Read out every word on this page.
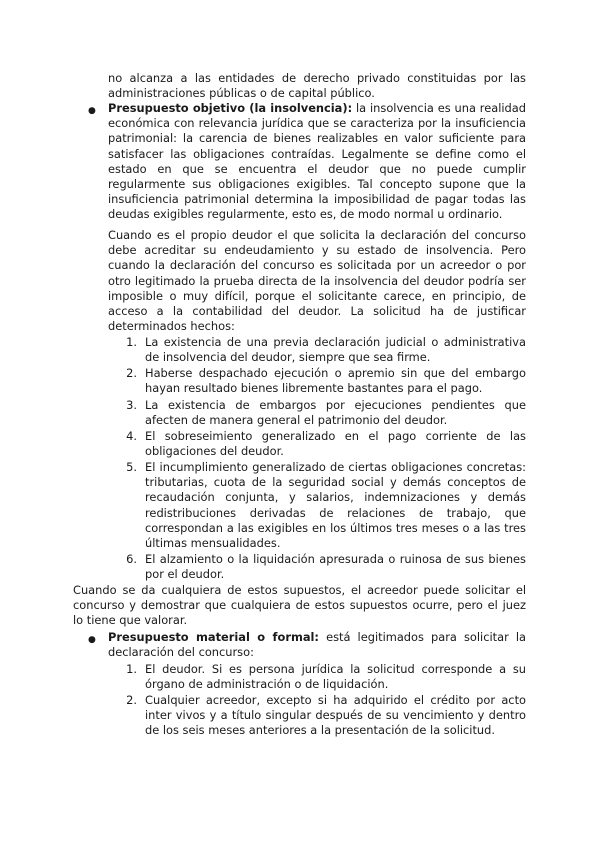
no alcanza a las entidades de derecho privado constituidas por las administraciones públicas o de capital público.

● Presupuesto objetivo (la insolvencia): la insolvencia es una realidad económica con relevancia jurídica que se caracteriza por la insuficiencia patrimonial: la carencia de bienes realizables en valor suficiente para satisfacer las obligaciones contraídas. Legalmente se define como el estado en que se encuentra el deudor que no puede cumplir regularmente sus obligaciones exigibles. Tal concepto supone que la insuficiencia patrimonial determina la imposibilidad de pagar todas las deudas exigibles regularmente, esto es, de modo normal u ordinario.

Cuando es el propio deudor el que solicita la declaración del concurso debe acreditar su endeudamiento y su estado de insolvencia. Pero cuando la declaración del concurso es solicitada por un acreedor o por otro legitimado la prueba directa de la insolvencia del deudor podría ser imposible o muy difícil, porque el solicitante carece, en principio, de acceso a la contabilidad del deudor. La solicitud ha de justificar determinados hechos:

1. La existencia de una previa declaración judicial o administrativa de insolvencia del deudor, siempre que sea firme.

2. Haberse despachado ejecución o apremio sin que del embargo hayan resultado bienes libremente bastantes para el pago.

3. La existencia de embargos por ejecuciones pendientes que afecten de manera general el patrimonio del deudor.

4. El sobreseimiento generalizado en el pago corriente de las obligaciones del deudor.

5. El incumplimiento generalizado de ciertas obligaciones concretas: tributarias, cuota de la seguridad social y demás conceptos de recaudación conjunta, y salarios, indemnizaciones y demás redistribuciones derivadas de relaciones de trabajo, que correspondan a las exigibles en los últimos tres meses o a las tres últimas mensualidades.

6. El alzamiento o la liquidación apresurada o ruinosa de sus bienes por el deudor.

Cuando se da cualquiera de estos supuestos, el acreedor puede solicitar el concurso y demostrar que cualquiera de estos supuestos ocurre, pero el juez lo tiene que valorar.

● Presupuesto material o formal: está legitimados para solicitar la declaración del concurso:

1. El deudor. Si es persona jurídica la solicitud corresponde a su órgano de administración o de liquidación.

2. Cualquier acreedor, excepto si ha adquirido el crédito por acto inter vivos y a título singular después de su vencimiento y dentro de los seis meses anteriores a la presentación de la solicitud.
